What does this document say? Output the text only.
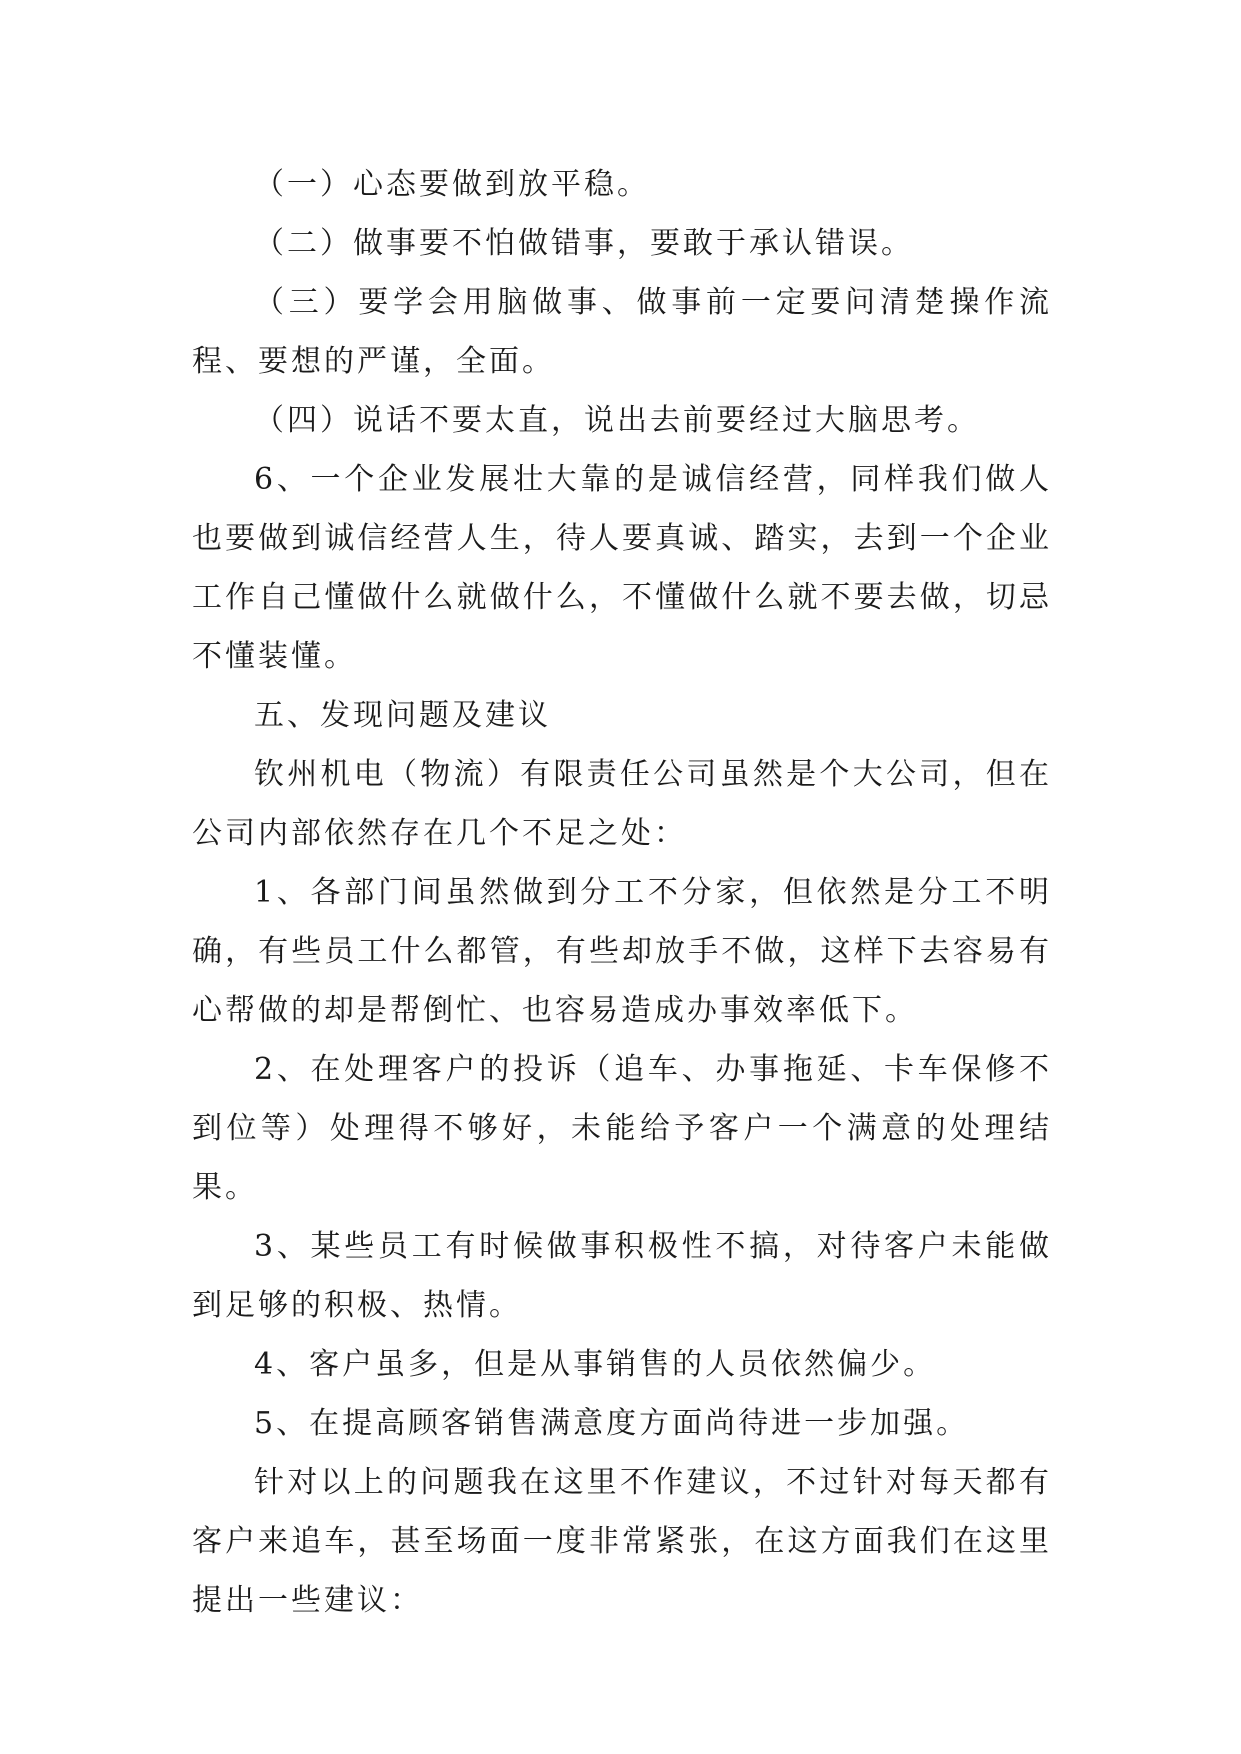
（一）心态要做到放平稳。

（二）做事要不怕做错事，要敢于承认错误。

（三）要学会用脑做事、做事前一定要问清楚操作流程、要想的严谨，全面。

（四）说话不要太直，说出去前要经过大脑思考。

6、一个企业发展壮大靠的是诚信经营，同样我们做人也要做到诚信经营人生，待人要真诚、踏实，去到一个企业工作自己懂做什么就做什么，不懂做什么就不要去做，切忌不懂装懂。

五、发现问题及建议

钦州机电（物流）有限责任公司虽然是个大公司，但在公司内部依然存在几个不足之处：

1、各部门间虽然做到分工不分家，但依然是分工不明确，有些员工什么都管，有些却放手不做，这样下去容易有心帮做的却是帮倒忙、也容易造成办事效率低下。

2、在处理客户的投诉（追车、办事拖延、卡车保修不到位等）处理得不够好，未能给予客户一个满意的处理结果。

3、某些员工有时候做事积极性不搞，对待客户未能做到足够的积极、热情。

4、客户虽多，但是从事销售的人员依然偏少。

5、在提高顾客销售满意度方面尚待进一步加强。

针对以上的问题我在这里不作建议，不过针对每天都有客户来追车，甚至场面一度非常紧张，在这方面我们在这里提出一些建议：
